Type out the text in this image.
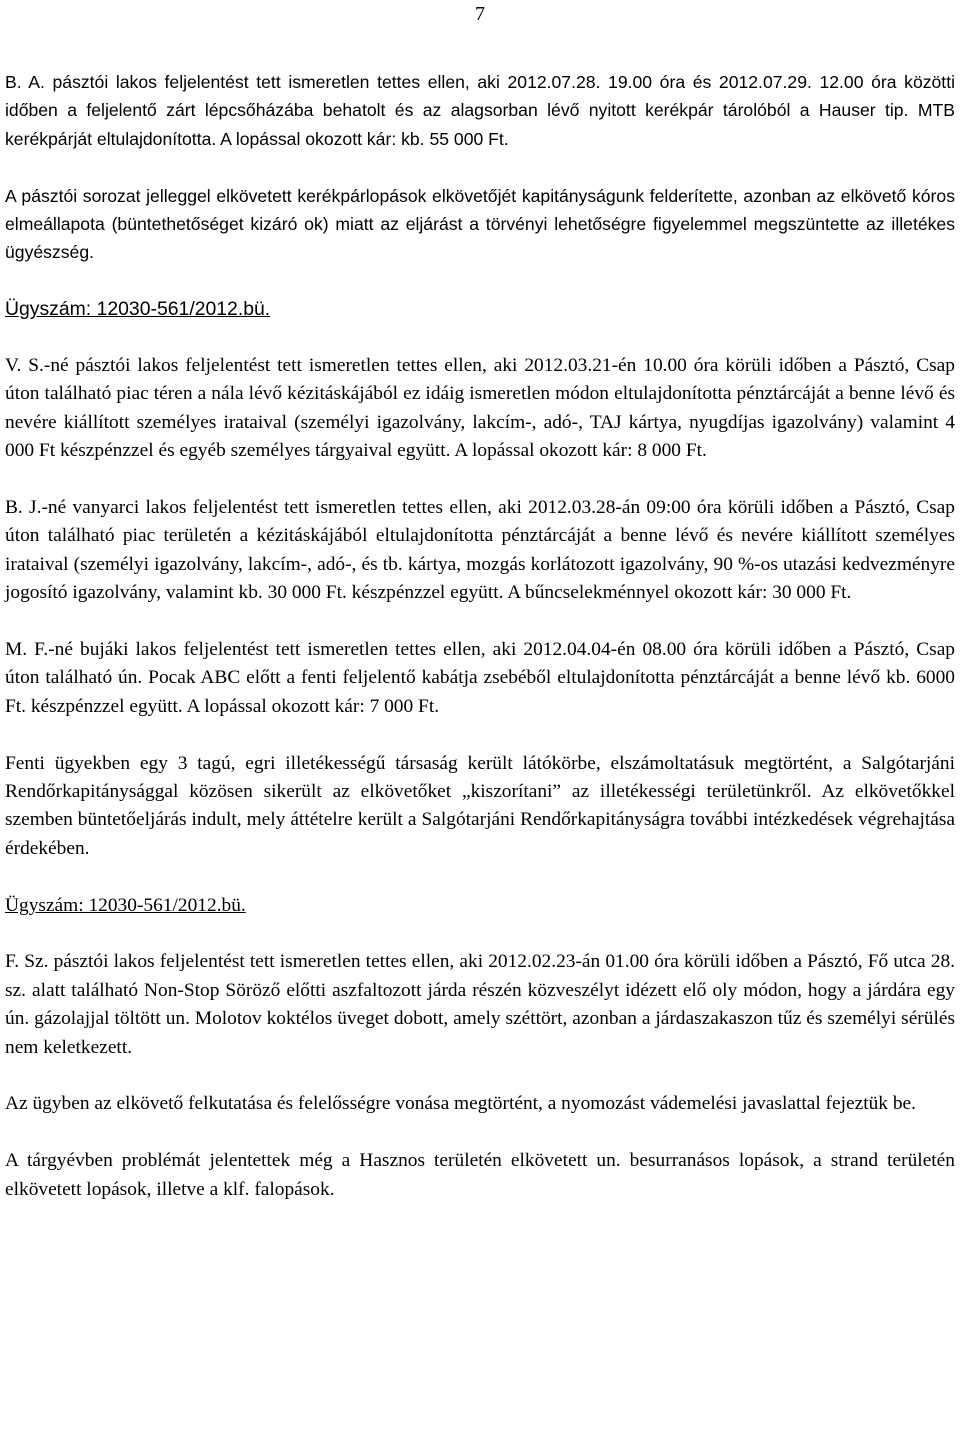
7

B. A. pásztói lakos feljelentést tett ismeretlen tettes ellen, aki 2012.07.28. 19.00 óra és 2012.07.29. 12.00 óra közötti időben a feljelentő zárt lépcsőházába behatolt és az alagsorban lévő nyitott kerékpár tárolóból a Hauser tip. MTB kerékpárját eltulajdonította. A lopással okozott kár: kb. 55 000 Ft.

A pásztói sorozat jelleggel elkövetett kerékpárlopások elkövetőjét kapitányságunk felderítette, azonban az elkövető kóros elmeállapota (büntethetőséget kizáró ok) miatt az eljárást a törvényi lehetőségre figyelemmel megszüntette az illetékes ügyészség.

Ügyszám: 12030-561/2012.bü.

V. S.-né pásztói lakos feljelentést tett ismeretlen tettes ellen, aki 2012.03.21-én 10.00 óra körüli időben a Pásztó, Csap úton található piac téren a nála lévő kézitáskájából ez idáig ismeretlen módon eltulajdonította pénztárcáját a benne lévő és nevére kiállított személyes irataival (személyi igazolvány, lakcím-, adó-, TAJ kártya, nyugdíjas igazolvány) valamint 4 000 Ft készpénzzel és egyéb személyes tárgyaival együtt. A lopással okozott kár: 8 000 Ft.

B. J.-né vanyarci lakos feljelentést tett ismeretlen tettes ellen, aki 2012.03.28-án 09:00 óra körüli időben a Pásztó, Csap úton található piac területén a kézitáskájából eltulajdonította pénztárcáját a benne lévő és nevére kiállított személyes irataival (személyi igazolvány, lakcím-, adó-, és tb. kártya, mozgás korlátozott igazolvány, 90 %-os utazási kedvezményre jogosító igazolvány, valamint kb. 30 000 Ft. készpénzzel együtt. A bűncselekménnyel okozott kár: 30 000 Ft.

M. F.-né bujáki lakos feljelentést tett ismeretlen tettes ellen, aki 2012.04.04-én 08.00 óra körüli időben a Pásztó, Csap úton található ún. Pocak ABC előtt a fenti feljelentő kabátja zsebéből eltulajdonította pénztárcáját a benne lévő kb. 6000 Ft. készpénzzel együtt. A lopással okozott kár: 7 000 Ft.

Fenti ügyekben egy 3 tagú, egri illetékességű társaság került látókörbe, elszámoltatásuk megtörtént, a Salgótarjáni Rendőrkapitánysággal közösen sikerült az elkövetőket „kiszorítani” az illetékességi területünkről. Az elkövetőkkel szemben büntetőeljárás indult, mely áttételre került a Salgótarjáni Rendőrkapitányságra további intézkedések végrehajtása érdekében.

Ügyszám: 12030-561/2012.bü.

F. Sz. pásztói lakos feljelentést tett ismeretlen tettes ellen, aki 2012.02.23-án 01.00 óra körüli időben a Pásztó, Fő utca 28. sz. alatt található Non-Stop Söröző előtti aszfaltozott járda részén közveszélyt idézett elő oly módon, hogy a járdára egy ún. gázolajjal töltött un. Molotov koktélos üveget dobott, amely széttört, azonban a járdaszakaszon tűz és személyi sérülés nem keletkezett.

Az ügyben az elkövető felkutatása és felelősségre vonása megtörtént, a nyomozást vádemelési javaslattal fejeztük be.

A tárgyévben problémát jelentettek még a Hasznos területén elkövetett un. besurranásos lopások, a strand területén elkövetett lopások, illetve a klf. falopások.
